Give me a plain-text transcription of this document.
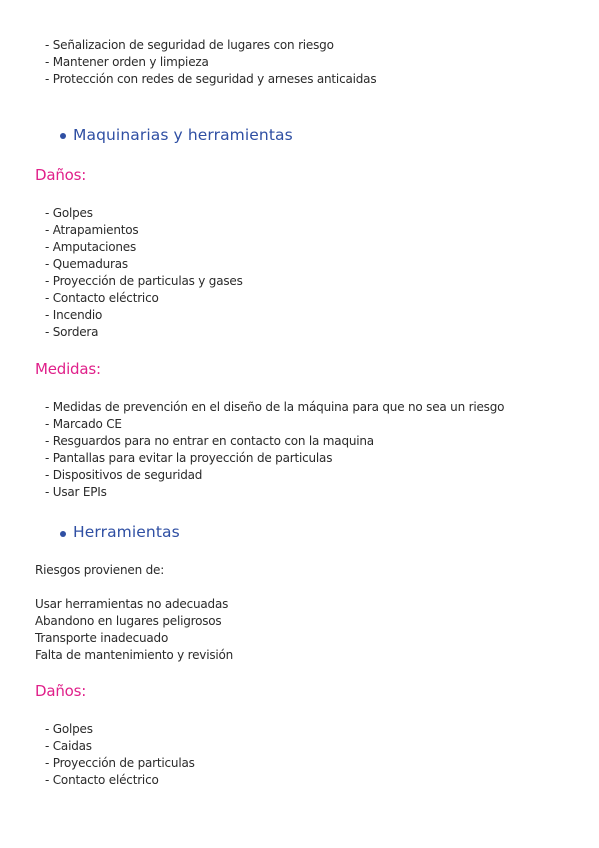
- Señalizacion de seguridad de lugares con riesgo
- Mantener orden y limpieza
- Protección con redes de seguridad y arneses anticaidas
Maquinarias y herramientas
Daños:
- Golpes
- Atrapamientos
- Amputaciones
- Quemaduras
- Proyección de particulas y gases
- Contacto eléctrico
- Incendio
- Sordera
Medidas:
- Medidas de prevención en el diseño de la máquina para que no sea un riesgo
- Marcado CE
- Resguardos para no entrar en contacto con la maquina
- Pantallas para evitar la proyección de particulas
- Dispositivos de seguridad
- Usar EPIs
Herramientas
Riesgos provienen de:
Usar herramientas no adecuadas
Abandono en lugares peligrosos
Transporte inadecuado
Falta de mantenimiento y revisión
Daños:
- Golpes
- Caidas
- Proyección de particulas
- Contacto eléctrico
